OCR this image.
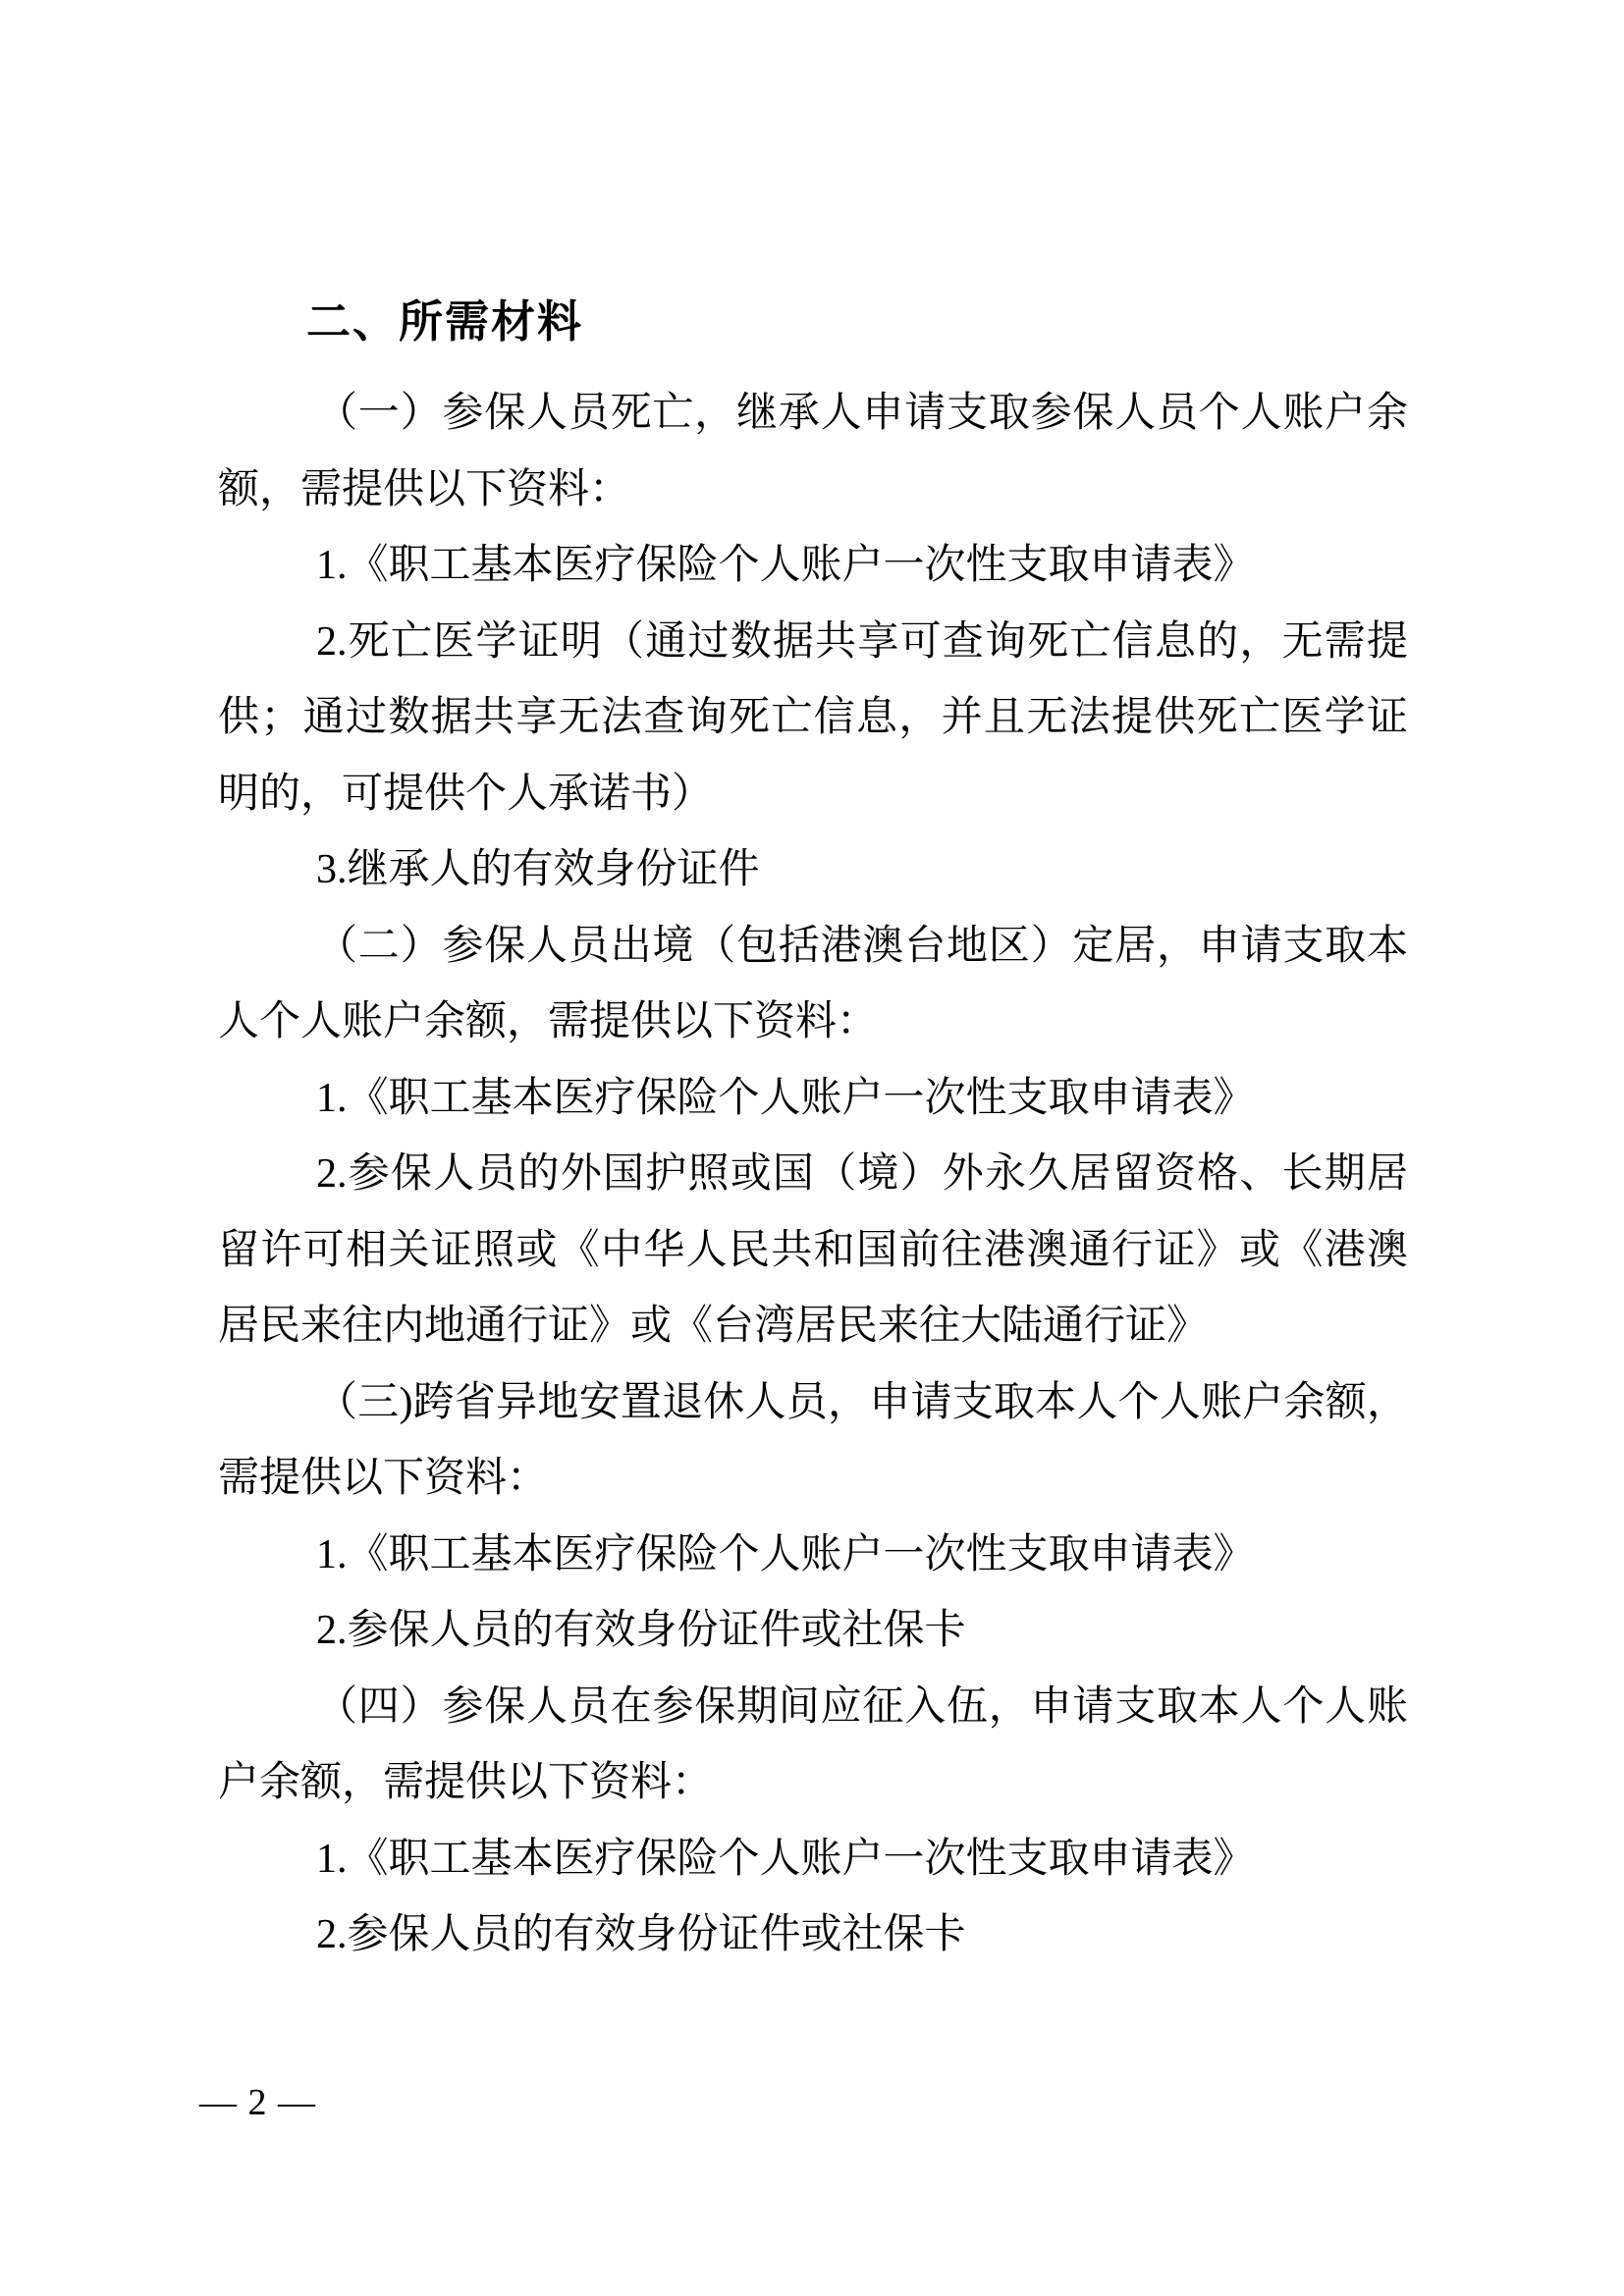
二、所需材料
（一）参保人员死亡，继承人申请支取参保人员个人账户余
额，需提供以下资料：
1.《职工基本医疗保险个人账户一次性支取申请表》
2.死亡医学证明（通过数据共享可查询死亡信息的，无需提
供；通过数据共享无法查询死亡信息，并且无法提供死亡医学证
明的，可提供个人承诺书）
3.继承人的有效身份证件
（二）参保人员出境（包括港澳台地区）定居，申请支取本
人个人账户余额，需提供以下资料：
1.《职工基本医疗保险个人账户一次性支取申请表》
2.参保人员的外国护照或国（境）外永久居留资格、长期居
留许可相关证照或《中华人民共和国前往港澳通行证》或《港澳
居民来往内地通行证》或《台湾居民来往大陆通行证》
（三)跨省异地安置退休人员，申请支取本人个人账户余额，
需提供以下资料：
1.《职工基本医疗保险个人账户一次性支取申请表》
2.参保人员的有效身份证件或社保卡
（四）参保人员在参保期间应征入伍，申请支取本人个人账
户余额，需提供以下资料：
1.《职工基本医疗保险个人账户一次性支取申请表》
2.参保人员的有效身份证件或社保卡
— 2 —
